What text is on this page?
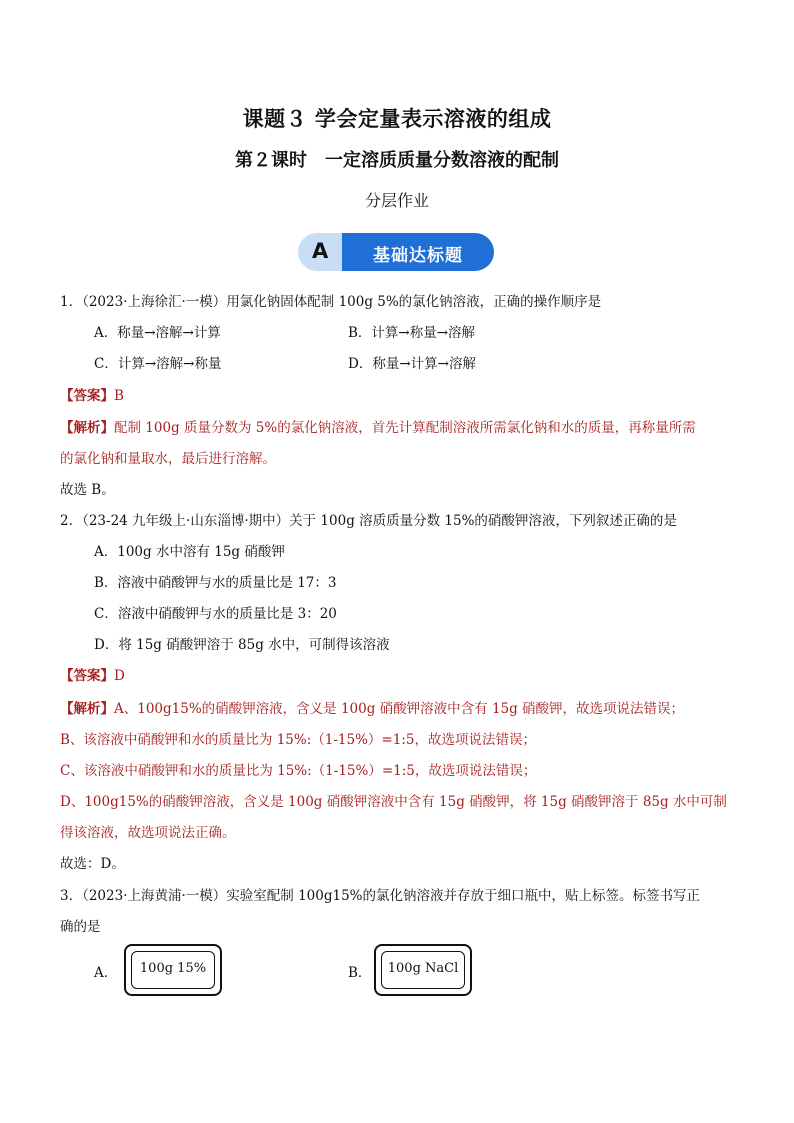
课题３ 学会定量表示溶液的组成
第２课时　一定溶质质量分数溶液的配制
分层作业
A	基础达标题
1．（2023·上海徐汇·一模）用氯化钠固体配制 100g 5%的氯化钠溶液，正确的操作顺序是
A．称量→溶解→计算	B．计算→称量→溶解
C．计算→溶解→称量	D．称量→计算→溶解
【答案】B
【解析】配制 100g 质量分数为 5%的氯化钠溶液，首先计算配制溶液所需氯化钠和水的质量，再称量所需
的氯化钠和量取水，最后进行溶解。
故选 B。
2．（23-24 九年级上·山东淄博·期中）关于 100g 溶质质量分数 15%的硝酸钾溶液，下列叙述正确的是
A．100g 水中溶有 15g 硝酸钾
B．溶液中硝酸钾与水的质量比是 17：3
C．溶液中硝酸钾与水的质量比是 3：20
D．将 15g 硝酸钾溶于 85g 水中，可制得该溶液
【答案】D
【解析】A、100g15%的硝酸钾溶液，含义是 100g 硝酸钾溶液中含有 15g 硝酸钾，故选项说法错误；
B、该溶液中硝酸钾和水的质量比为 15%:（1-15%）=1:5，故选项说法错误；
C、该溶液中硝酸钾和水的质量比为 15%:（1-15%）=1:5，故选项说法错误；
D、100g15%的硝酸钾溶液，含义是 100g 硝酸钾溶液中含有 15g 硝酸钾，将 15g 硝酸钾溶于 85g 水中可制
得该溶液，故选项说法正确。
故选：D。
3．（2023·上海黄浦·一模）实验室配制 100g15%的氯化钠溶液并存放于细口瓶中，贴上标签。标签书写正
确的是
A．	100g 15%	B．	100g NaCl
